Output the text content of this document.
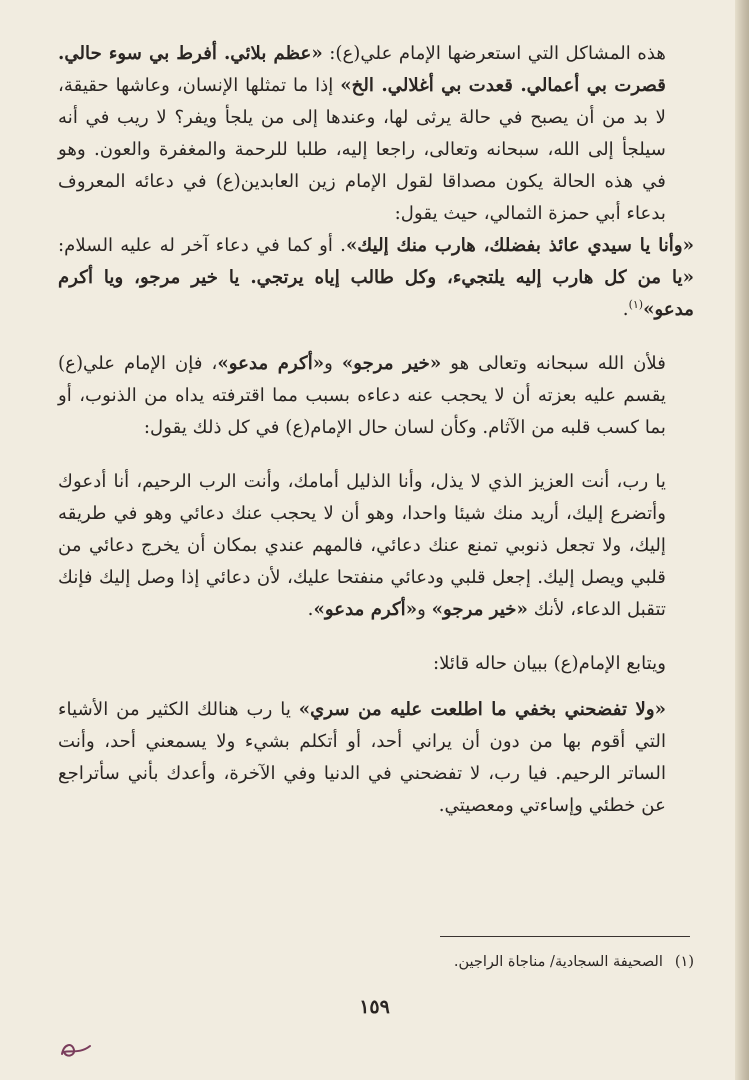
هذه المشاكل التي استعرضها الإمام علي(ع): «عظم بلائي. أفرط بي سوء حالي. قصرت بي أعمالي. قعدت بي أغلالي. الخ» إذا ما تمثلها الإنسان، وعاشها حقيقة، لا بد من أن يصبح في حالة يرثى لها، وعندها إلى من يلجأ ويفر؟ لا ريب في أنه سيلجأ إلى الله، سبحانه وتعالى، راجعا إليه، طلبا للرحمة والمغفرة والعون. وهو في هذه الحالة يكون مصداقا لقول الإمام زين العابدين(ع) في دعائه المعروف بدعاء أبي حمزة الثمالي، حيث يقول:

«وأنا يا سيدي عائذ بفضلك، هارب منك إليك». أو كما في دعاء آخر له عليه السلام: «يا من كل هارب إليه يلتجيء، وكل طالب إياه يرتجي. يا خير مرجو، ويا أكرم مدعو»$^{(١)}$.

فلأن الله سبحانه وتعالى هو «خير مرجو» و«أكرم مدعو»، فإن الإمام علي(ع) يقسم عليه بعزته أن لا يحجب عنه دعاءه بسبب مما اقترفته يداه من الذنوب، أو بما كسب قلبه من الآثام. وكأن لسان حال الإمام(ع) في كل ذلك يقول:

يا رب، أنت العزيز الذي لا يذل، وأنا الذليل أمامك، وأنت الرب الرحيم، أنا أدعوك وأتضرع إليك، أريد منك شيئا واحدا، وهو أن لا يحجب عنك دعائي وهو في طريقه إليك، ولا تجعل ذنوبي تمنع عنك دعائي، فالمهم عندي بمكان أن يخرج دعائي من قلبي ويصل إليك. إجعل قلبي ودعائي منفتحا عليك، لأن دعائي إذا وصل إليك فإنك تتقبل الدعاء، لأنك «خير مرجو» و«أكرم مدعو».

ويتابع الإمام(ع) ببيان حاله قائلا:

«ولا تفضحني بخفي ما اطلعت عليه من سري» يا رب هنالك الكثير من الأشياء التي أقوم بها من دون أن يراني أحد، أو أتكلم بشيء ولا يسمعني أحد، وأنت الساتر الرحيم. فيا رب، لا تفضحني في الدنيا وفي الآخرة، وأعدك بأني سأتراجع عن خطئي وإساءتي ومعصيتي.

(١)الصحيفة السجادية/ مناجاة الراجين.
١٥٩
